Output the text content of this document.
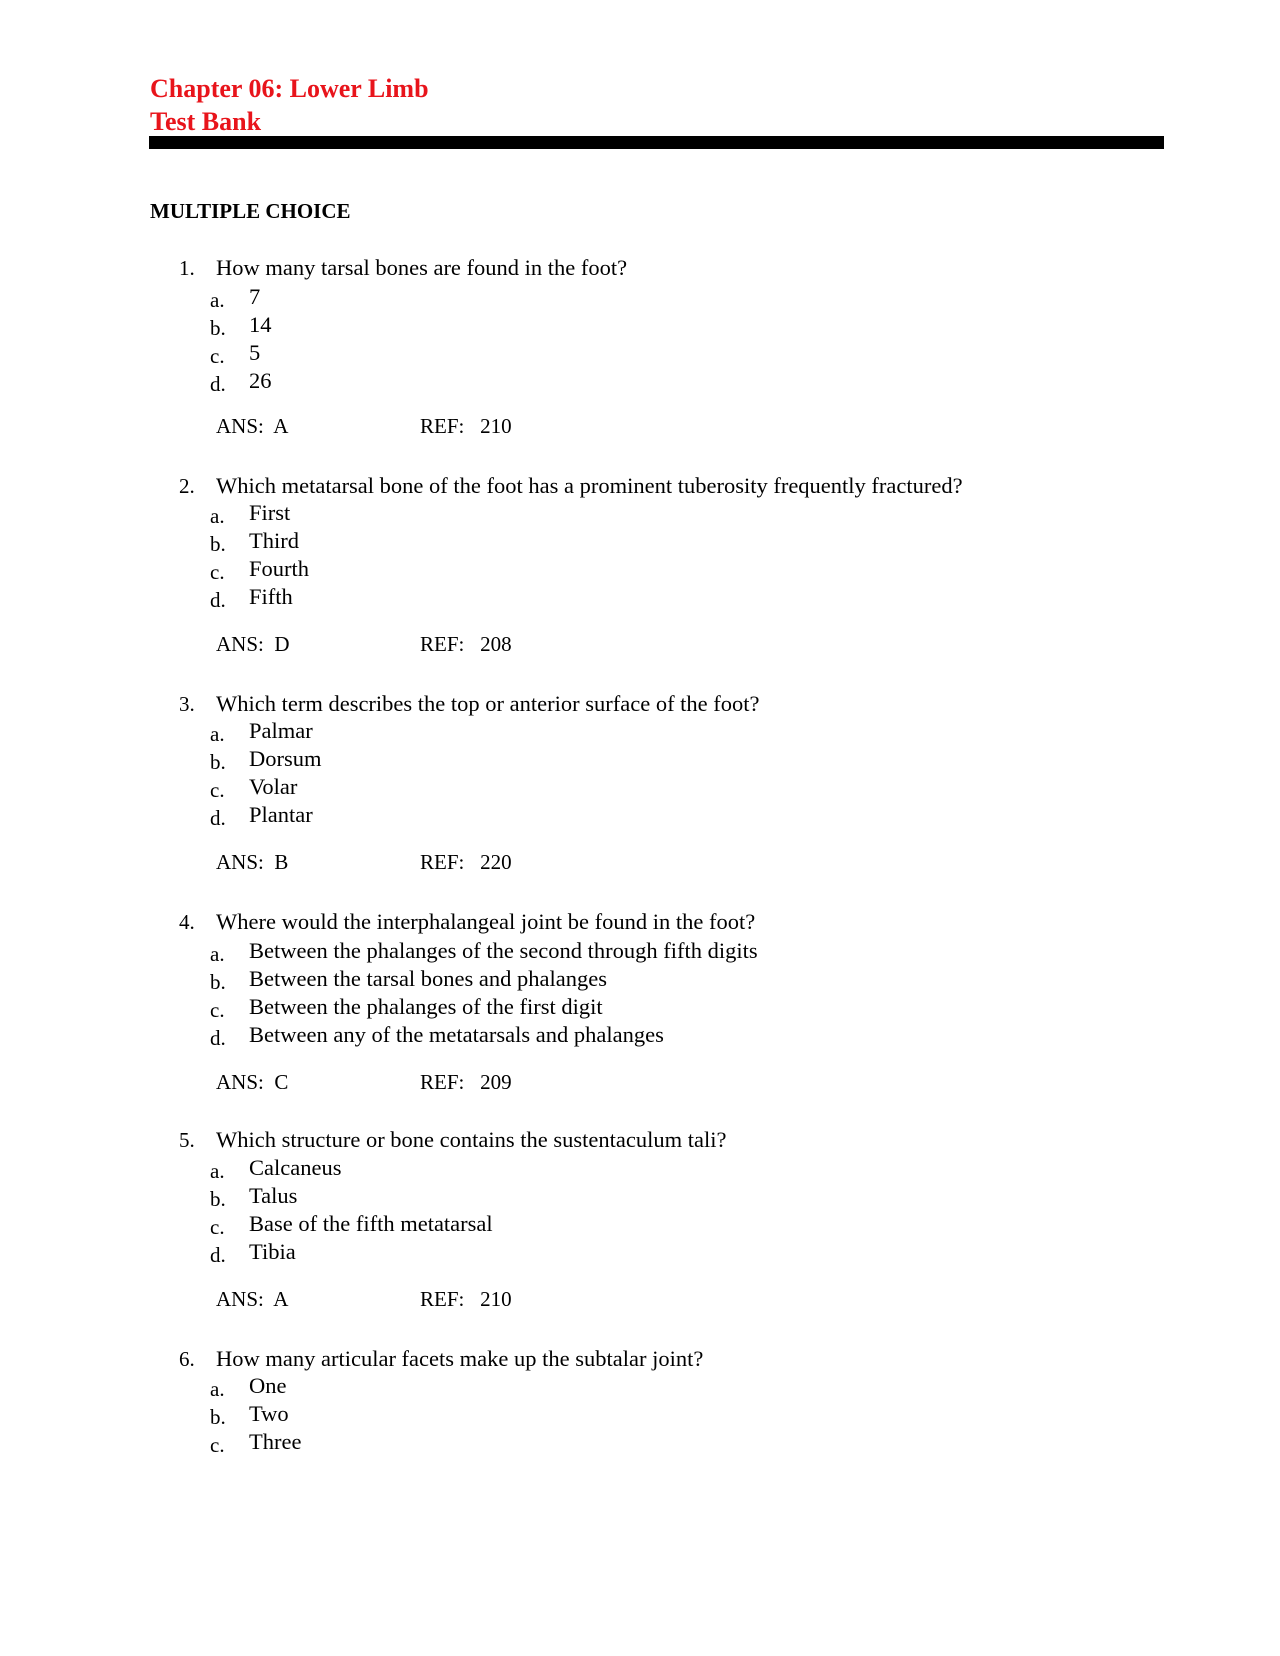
Chapter 06: Lower Limb
Test Bank
MULTIPLE CHOICE
1. How many tarsal bones are found in the foot?
a. 7
b. 14
c. 5
d. 26
ANS: A	REF: 210
2. Which metatarsal bone of the foot has a prominent tuberosity frequently fractured?
a. First
b. Third
c. Fourth
d. Fifth
ANS: D	REF: 208
3. Which term describes the top or anterior surface of the foot?
a. Palmar
b. Dorsum
c. Volar
d. Plantar
ANS: B	REF: 220
4. Where would the interphalangeal joint be found in the foot?
a. Between the phalanges of the second through fifth digits
b. Between the tarsal bones and phalanges
c. Between the phalanges of the first digit
d. Between any of the metatarsals and phalanges
ANS: C	REF: 209
5. Which structure or bone contains the sustentaculum tali?
a. Calcaneus
b. Talus
c. Base of the fifth metatarsal
d. Tibia
ANS: A	REF: 210
6. How many articular facets make up the subtalar joint?
a. One
b. Two
c. Three
